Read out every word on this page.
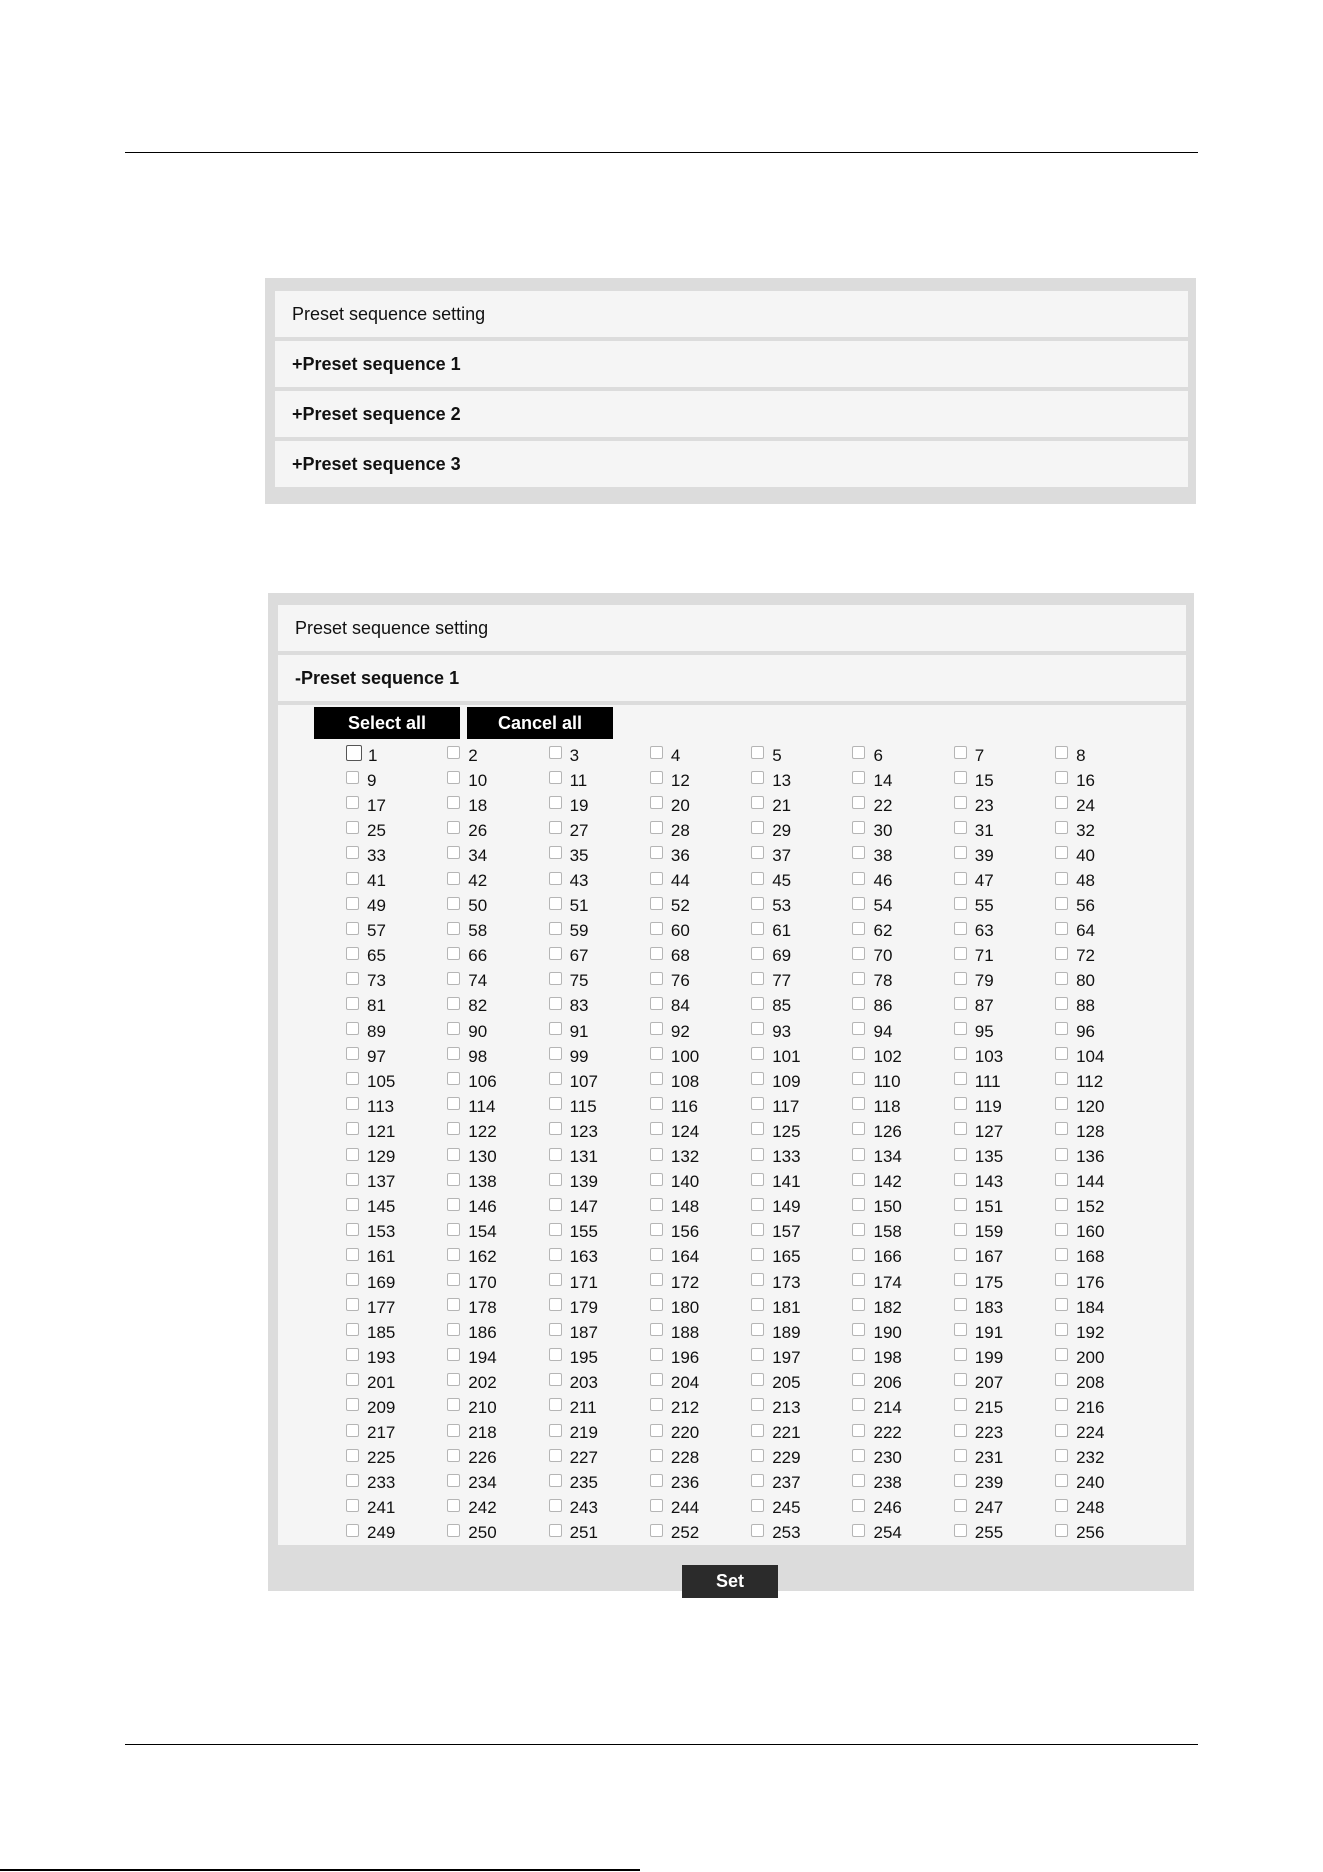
Preset sequence setting
+Preset sequence 1
+Preset sequence 2
+Preset sequence 3
Preset sequence setting
-Preset sequence 1
Select all	Cancel all
1	2	3	4	5	6	7	8
9	10	11	12	13	14	15	16
17	18	19	20	21	22	23	24
25	26	27	28	29	30	31	32
33	34	35	36	37	38	39	40
41	42	43	44	45	46	47	48
49	50	51	52	53	54	55	56
57	58	59	60	61	62	63	64
65	66	67	68	69	70	71	72
73	74	75	76	77	78	79	80
81	82	83	84	85	86	87	88
89	90	91	92	93	94	95	96
97	98	99	100	101	102	103	104
105	106	107	108	109	110	111	112
113	114	115	116	117	118	119	120
121	122	123	124	125	126	127	128
129	130	131	132	133	134	135	136
137	138	139	140	141	142	143	144
145	146	147	148	149	150	151	152
153	154	155	156	157	158	159	160
161	162	163	164	165	166	167	168
169	170	171	172	173	174	175	176
177	178	179	180	181	182	183	184
185	186	187	188	189	190	191	192
193	194	195	196	197	198	199	200
201	202	203	204	205	206	207	208
209	210	211	212	213	214	215	216
217	218	219	220	221	222	223	224
225	226	227	228	229	230	231	232
233	234	235	236	237	238	239	240
241	242	243	244	245	246	247	248
249	250	251	252	253	254	255	256
Set
